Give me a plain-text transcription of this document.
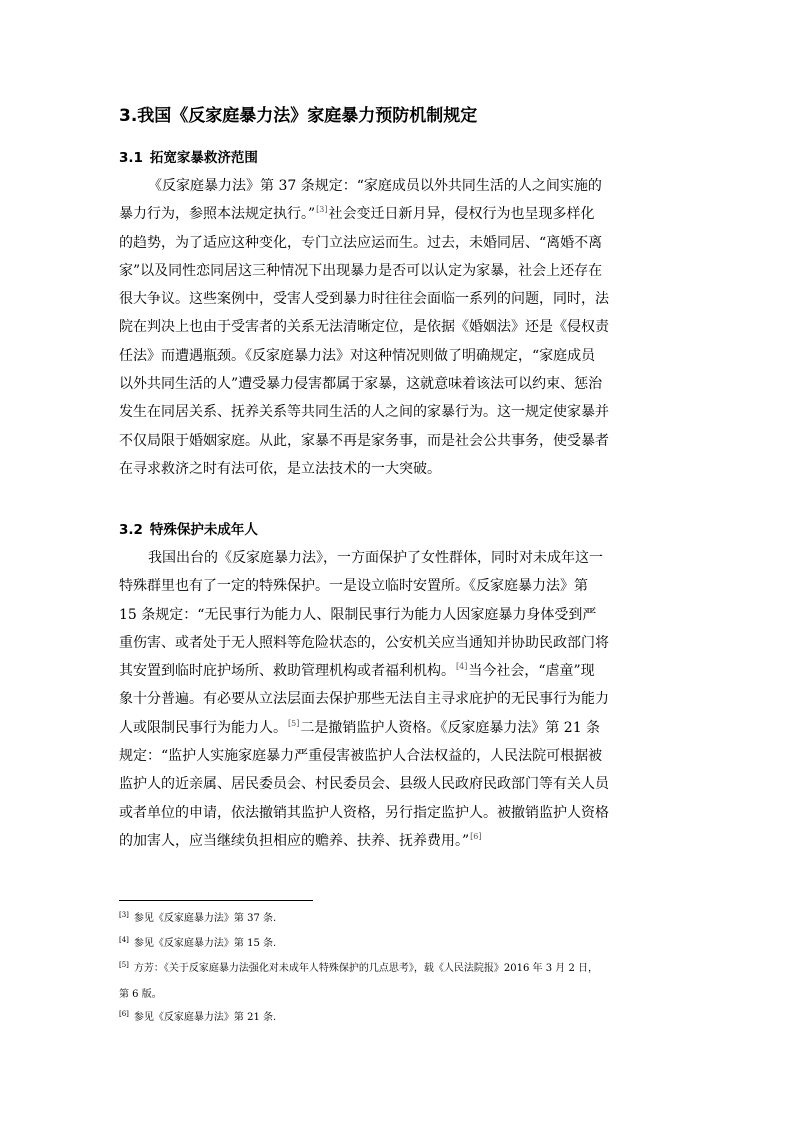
3.我国《反家庭暴力法》家庭暴力预防机制规定
3.1 拓宽家暴救济范围
《反家庭暴力法》第 37 条规定：“家庭成员以外共同生活的人之间实施的
暴力行为，参照本法规定执行。”[3]社会变迁日新月异，侵权行为也呈现多样化
的趋势，为了适应这种变化，专门立法应运而生。过去，未婚同居、“离婚不离
家”以及同性恋同居这三种情况下出现暴力是否可以认定为家暴，社会上还存在
很大争议。这些案例中，受害人受到暴力时往往会面临一系列的问题，同时，法
院在判决上也由于受害者的关系无法清晰定位，是依据《婚姻法》还是《侵权责
任法》而遭遇瓶颈。《反家庭暴力法》对这种情况则做了明确规定，“家庭成员
以外共同生活的人”遭受暴力侵害都属于家暴，这就意味着该法可以约束、惩治
发生在同居关系、抚养关系等共同生活的人之间的家暴行为。这一规定使家暴并
不仅局限于婚姻家庭。从此，家暴不再是家务事，而是社会公共事务，使受暴者
在寻求救济之时有法可依，是立法技术的一大突破。
3.2 特殊保护未成年人
我国出台的《反家庭暴力法》，一方面保护了女性群体，同时对未成年这一
特殊群里也有了一定的特殊保护。一是设立临时安置所。《反家庭暴力法》第
15 条规定：“无民事行为能力人、限制民事行为能力人因家庭暴力身体受到严
重伤害、或者处于无人照料等危险状态的，公安机关应当通知并协助民政部门将
其安置到临时庇护场所、救助管理机构或者福利机构。[4]当今社会，“虐童”现
象十分普遍。有必要从立法层面去保护那些无法自主寻求庇护的无民事行为能力
人或限制民事行为能力人。[5]二是撤销监护人资格。《反家庭暴力法》第 21 条
规定：“监护人实施家庭暴力严重侵害被监护人合法权益的，人民法院可根据被
监护人的近亲属、居民委员会、村民委员会、县级人民政府民政部门等有关人员
或者单位的申请，依法撤销其监护人资格，另行指定监护人。被撤销监护人资格
的加害人，应当继续负担相应的赡养、扶养、抚养费用。”[6]
[3] 参见《反家庭暴力法》第 37 条.
[4] 参见《反家庭暴力法》第 15 条.
[5] 方芳：《关于反家庭暴力法强化对未成年人特殊保护的几点思考》，载《人民法院报》2016 年 3 月 2 日，
第 6 版。
[6] 参见《反家庭暴力法》第 21 条.
